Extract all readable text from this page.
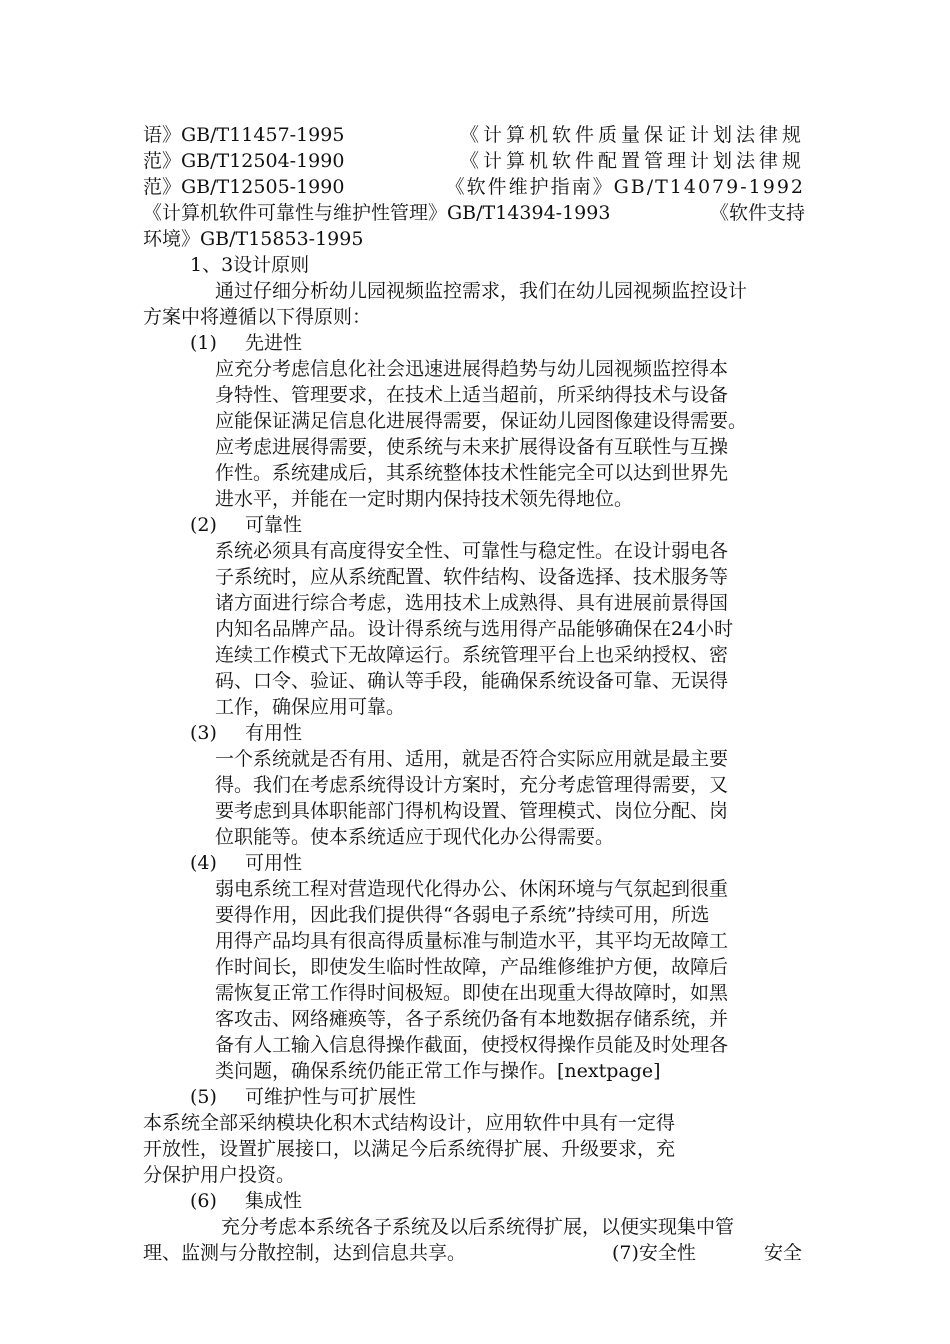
语》GB/T11457-1995	《计算机软件质量保证计划法律规
范》GB/T12504-1990	《计算机软件配置管理计划法律规
范》GB/T12505-1990	《软件维护指南》GB/T14079-1992
《计算机软件可靠性与维护性管理》GB/T14394-1993	《软件支持
环境》GB/T15853-1995
1、3设计原则
通过仔细分析幼儿园视频监控需求，我们在幼儿园视频监控设计
方案中将遵循以下得原则：
(1) 先进性
应充分考虑信息化社会迅速进展得趋势与幼儿园视频监控得本
身特性、管理要求，在技术上适当超前，所采纳得技术与设备
应能保证满足信息化进展得需要，保证幼儿园图像建设得需要。
应考虑进展得需要，使系统与未来扩展得设备有互联性与互操
作性。系统建成后，其系统整体技术性能完全可以达到世界先
进水平，并能在一定时期内保持技术领先得地位。
(2) 可靠性
系统必须具有高度得安全性、可靠性与稳定性。在设计弱电各
子系统时，应从系统配置、软件结构、设备选择、技术服务等
诸方面进行综合考虑，选用技术上成熟得、具有进展前景得国
内知名品牌产品。设计得系统与选用得产品能够确保在24小时
连续工作模式下无故障运行。系统管理平台上也采纳授权、密
码、口令、验证、确认等手段，能确保系统设备可靠、无误得
工作，确保应用可靠。
(3) 有用性
一个系统就是否有用、适用，就是否符合实际应用就是最主要
得。我们在考虑系统得设计方案时，充分考虑管理得需要，又
要考虑到具体职能部门得机构设置、管理模式、岗位分配、岗
位职能等。使本系统适应于现代化办公得需要。
(4) 可用性
弱电系统工程对营造现代化得办公、休闲环境与气氛起到很重
要得作用，因此我们提供得“各弱电子系统”持续可用，所选
用得产品均具有很高得质量标准与制造水平，其平均无故障工
作时间长，即使发生临时性故障，产品维修维护方便，故障后
需恢复正常工作得时间极短。即使在出现重大得故障时，如黑
客攻击、网络瘫痪等，各子系统仍备有本地数据存储系统，并
备有人工输入信息得操作截面，使授权得操作员能及时处理各
类问题，确保系统仍能正常工作与操作。[nextpage]
(5) 可维护性与可扩展性
本系统全部采纳模块化积木式结构设计，应用软件中具有一定得
开放性，设置扩展接口，以满足今后系统得扩展、升级要求，充
分保护用户投资。
(6) 集成性
充分考虑本系统各子系统及以后系统得扩展，以便实现集中管
理、监测与分散控制，达到信息共享。	(7)安全性	安全
